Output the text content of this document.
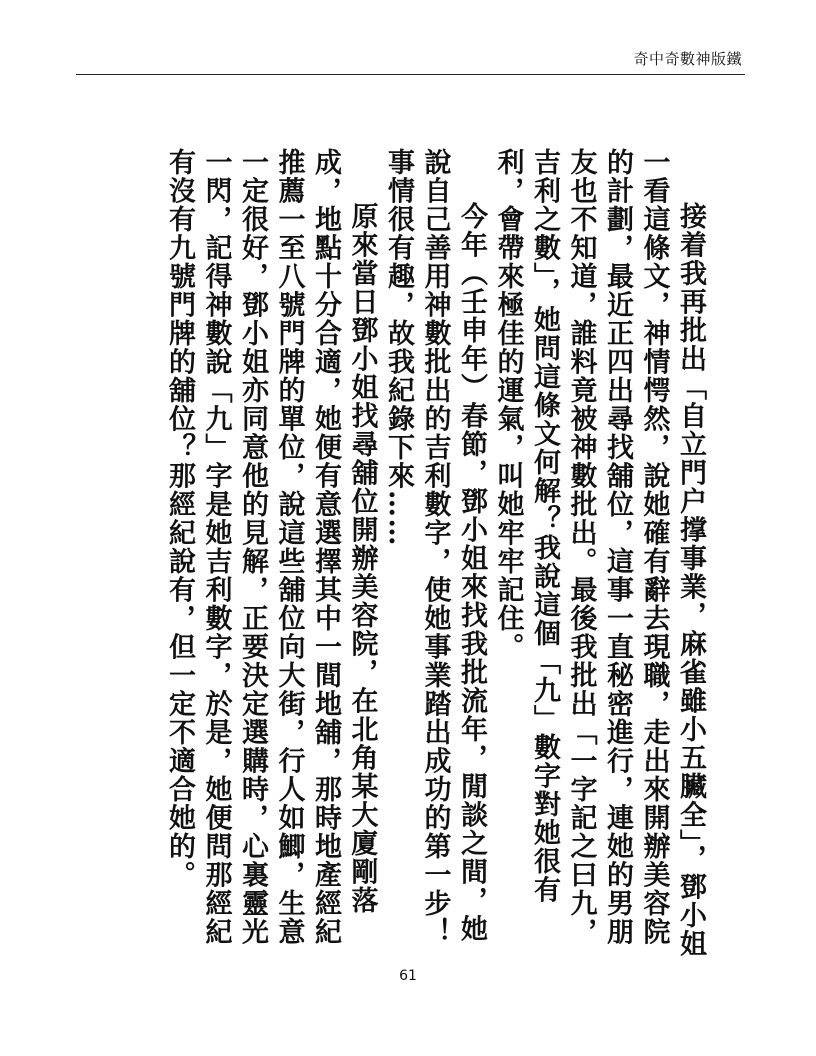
奇中奇數神版鐵

接着我再批出「自立門户撑事業，麻雀雖小五臟全」，鄧小姐一看這條文，神情愕然，說她確有辭去現職，走出來開辦美容院的計劃，最近正四出尋找舖位，這事一直秘密進行，連她的男朋友也不知道，誰料竟被神數批出。最後我批出「一字記之曰九，吉利之數」，她問這條文何解？我說這個「九」數字對她很有利，會帶來極佳的運氣，叫她牢牢記住。

今年（壬申年）春節，鄧小姐來找我批流年，閒談之間，她說自己善用神數批出的吉利數字，使她事業踏出成功的第一步！事情很有趣，故我紀錄下來……

原來當日鄧小姐找尋舖位開辦美容院，在北角某大廈剛落成，地點十分合適，她便有意選擇其中一間地舖，那時地產經紀推薦一至八號門牌的單位，說這些舖位向大街，行人如鯽，生意一定很好，鄧小姐亦同意他的見解，正要決定選購時，心裏靈光一閃，記得神數說「九」字是她吉利數字，於是，她便問那經紀有沒有九號門牌的舖位？那經紀說有，但一定不適合她的。

61
